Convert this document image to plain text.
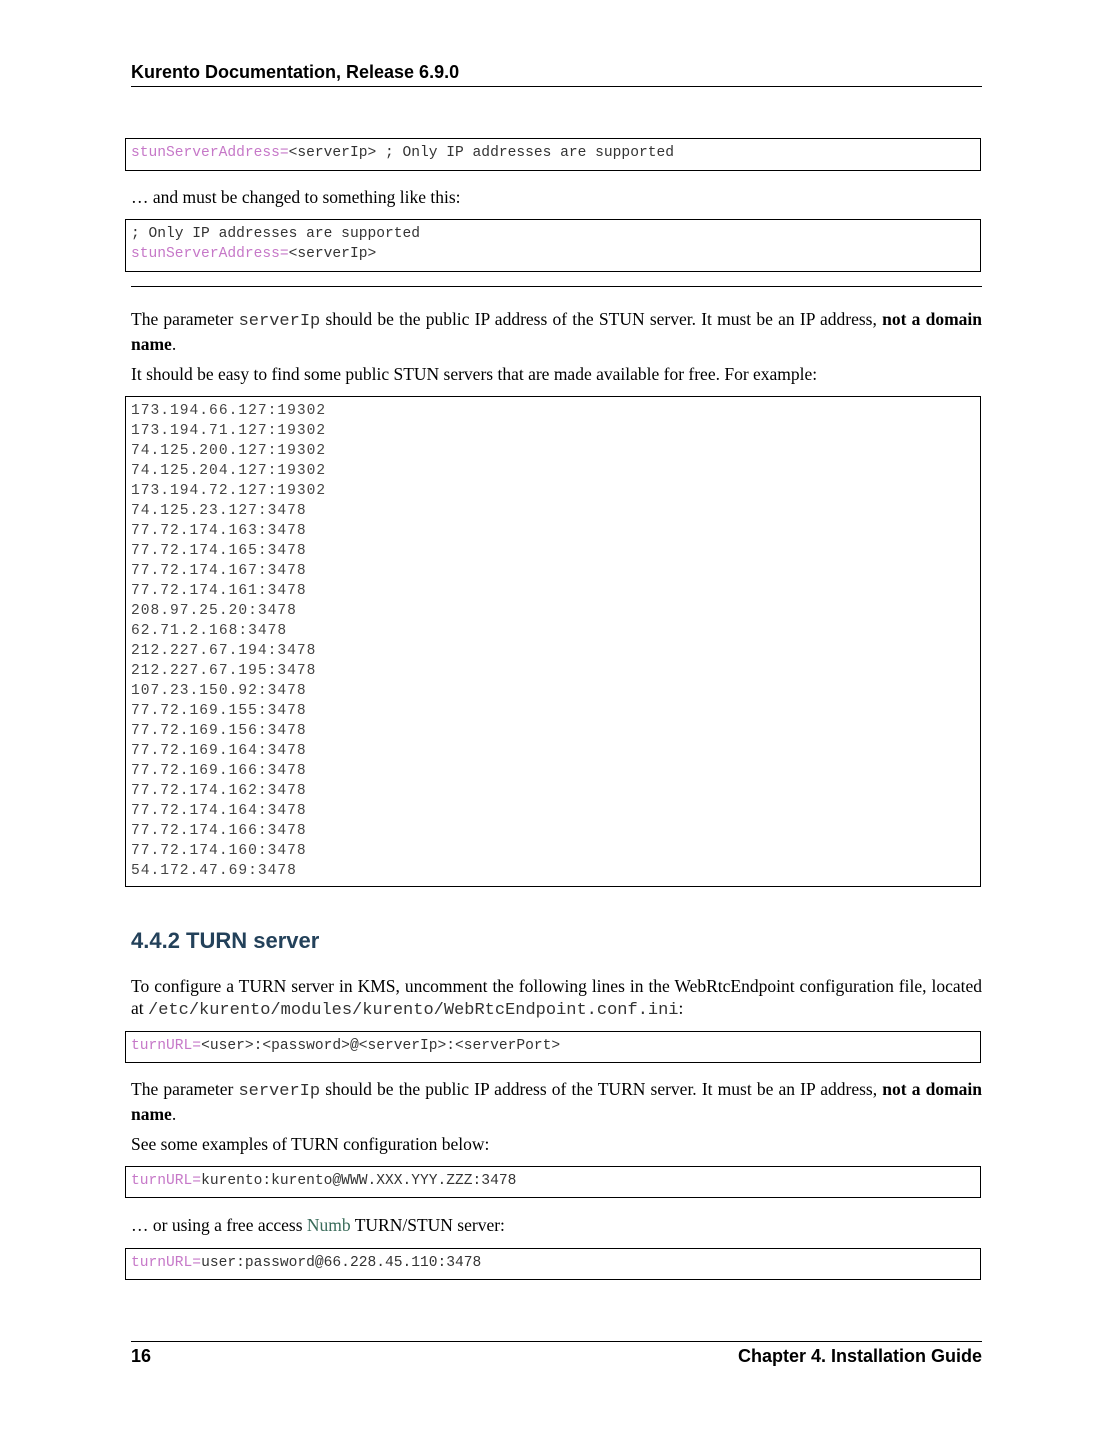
Kurento Documentation, Release 6.9.0
stunServerAddress=<serverIp> ; Only IP addresses are supported
… and must be changed to something like this:
; Only IP addresses are supported
stunServerAddress=<serverIp>
The parameter serverIp should be the public IP address of the STUN server. It must be an IP address, not a domain name.
It should be easy to find some public STUN servers that are made available for free. For example:
173.194.66.127:19302
173.194.71.127:19302
74.125.200.127:19302
74.125.204.127:19302
173.194.72.127:19302
74.125.23.127:3478
77.72.174.163:3478
77.72.174.165:3478
77.72.174.167:3478
77.72.174.161:3478
208.97.25.20:3478
62.71.2.168:3478
212.227.67.194:3478
212.227.67.195:3478
107.23.150.92:3478
77.72.169.155:3478
77.72.169.156:3478
77.72.169.164:3478
77.72.169.166:3478
77.72.174.162:3478
77.72.174.164:3478
77.72.174.166:3478
77.72.174.160:3478
54.172.47.69:3478
4.4.2 TURN server
To configure a TURN server in KMS, uncomment the following lines in the WebRtcEndpoint configuration file, located at /etc/kurento/modules/kurento/WebRtcEndpoint.conf.ini:
turnURL=<user>:<password>@<serverIp>:<serverPort>
The parameter serverIp should be the public IP address of the TURN server. It must be an IP address, not a domain name.
See some examples of TURN configuration below:
turnURL=kurento:kurento@WWW.XXX.YYY.ZZZ:3478
… or using a free access Numb TURN/STUN server:
turnURL=user:password@66.228.45.110:3478
16	Chapter 4. Installation Guide
